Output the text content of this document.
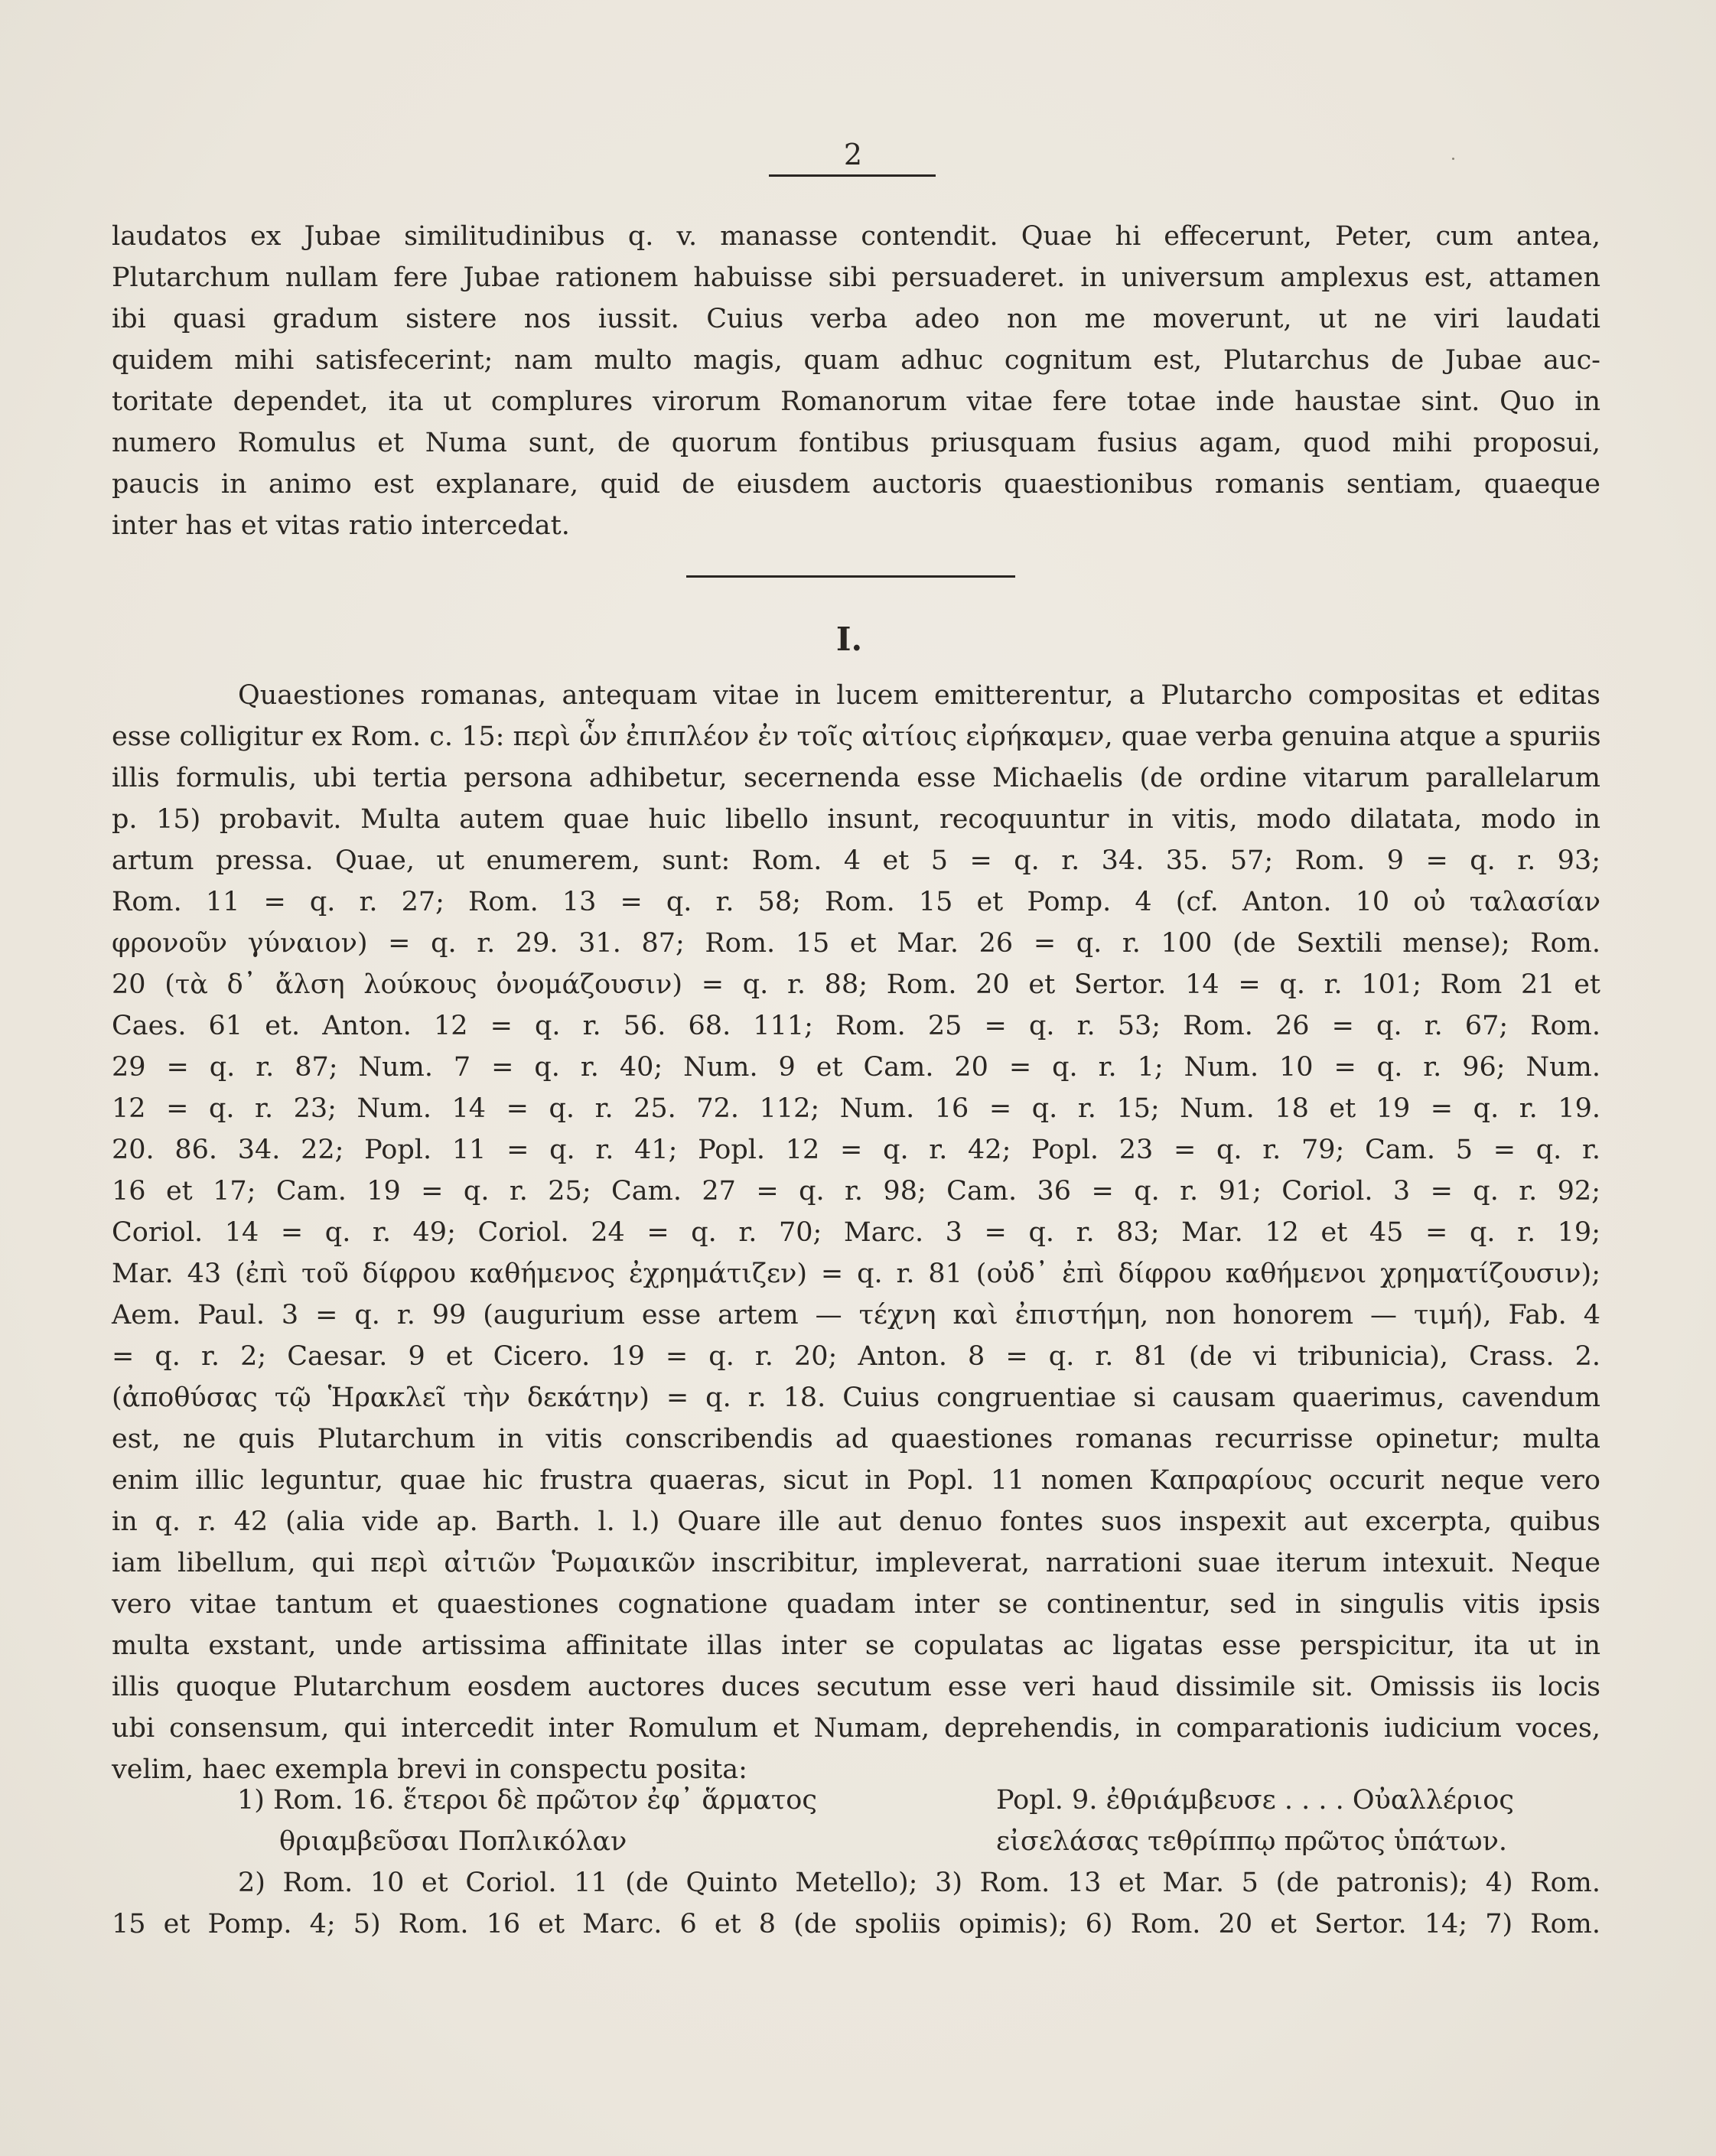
2
laudatos ex Jubae similitudinibus q. v. manasse contendit. Quae hi effecerunt, Peter, cum antea,
Plutarchum nullam fere Jubae rationem habuisse sibi persuaderet. in universum amplexus est, attamen
ibi quasi gradum sistere nos iussit. Cuius verba adeo non me moverunt, ut ne viri laudati
quidem mihi satisfecerint; nam multo magis, quam adhuc cognitum est, Plutarchus de Jubae auc-
toritate dependet, ita ut complures virorum Romanorum vitae fere totae inde haustae sint. Quo in
numero Romulus et Numa sunt, de quorum fontibus priusquam fusius agam, quod mihi proposui,
paucis in animo est explanare, quid de eiusdem auctoris quaestionibus romanis sentiam, quaeque
inter has et vitas ratio intercedat.
I.
Quaestiones romanas, antequam vitae in lucem emitterentur, a Plutarcho compositas et editas
esse colligitur ex Rom. c. 15: περὶ ὧν ἐπιπλέον ἐν τοῖς αἰτίοις εἰρήκαμεν, quae verba genuina atque a spuriis
illis formulis, ubi tertia persona adhibetur, secernenda esse Michaelis (de ordine vitarum parallelarum
p. 15) probavit. Multa autem quae huic libello insunt, recoquuntur in vitis, modo dilatata, modo in
artum pressa. Quae, ut enumerem, sunt: Rom. 4 et 5 = q. r. 34. 35. 57; Rom. 9 = q. r. 93;
Rom. 11 = q. r. 27; Rom. 13 = q. r. 58; Rom. 15 et Pomp. 4 (cf. Anton. 10 οὐ ταλασίαν
φρονοῦν γύναιον) = q. r. 29. 31. 87; Rom. 15 et Mar. 26 = q. r. 100 (de Sextili mense); Rom.
20 (τὰ δ᾽ ἄλση λούκους ὀνομάζουσιν) = q. r. 88; Rom. 20 et Sertor. 14 = q. r. 101; Rom 21 et
Caes. 61 et. Anton. 12 = q. r. 56. 68. 111; Rom. 25 = q. r. 53; Rom. 26 = q. r. 67; Rom.
29 = q. r. 87; Num. 7 = q. r. 40; Num. 9 et Cam. 20 = q. r. 1; Num. 10 = q. r. 96; Num.
12 = q. r. 23; Num. 14 = q. r. 25. 72. 112; Num. 16 = q. r. 15; Num. 18 et 19 = q. r. 19.
20. 86. 34. 22; Popl. 11 = q. r. 41; Popl. 12 = q. r. 42; Popl. 23 = q. r. 79; Cam. 5 = q. r.
16 et 17; Cam. 19 = q. r. 25; Cam. 27 = q. r. 98; Cam. 36 = q. r. 91; Coriol. 3 = q. r. 92;
Coriol. 14 = q. r. 49; Coriol. 24 = q. r. 70; Marc. 3 = q. r. 83; Mar. 12 et 45 = q. r. 19;
Mar. 43 (ἐπὶ τοῦ δίφρου καθήμενος ἐχρημάτιζεν) = q. r. 81 (οὐδ᾽ ἐπὶ δίφρου καθήμενοι χρηματίζουσιν);
Aem. Paul. 3 = q. r. 99 (augurium esse artem — τέχνη καὶ ἐπιστήμη, non honorem — τιμή), Fab. 4
= q. r. 2; Caesar. 9 et Cicero. 19 = q. r. 20; Anton. 8 = q. r. 81 (de vi tribunicia), Crass. 2.
(ἀποθύσας τῷ Ἡρακλεῖ τὴν δεκάτην) = q. r. 18. Cuius congruentiae si causam quaerimus, cavendum
est, ne quis Plutarchum in vitis conscribendis ad quaestiones romanas recurrisse opinetur; multa
enim illic leguntur, quae hic frustra quaeras, sicut in Popl. 11 nomen Καπραρίους occurit neque vero
in q. r. 42 (alia vide ap. Barth. l. l.) Quare ille aut denuo fontes suos inspexit aut excerpta, quibus
iam libellum, qui περὶ αἰτιῶν Ῥωμαικῶν inscribitur, impleverat, narrationi suae iterum intexuit. Neque
vero vitae tantum et quaestiones cognatione quadam inter se continentur, sed in singulis vitis ipsis
multa exstant, unde artissima affinitate illas inter se copulatas ac ligatas esse perspicitur, ita ut in
illis quoque Plutarchum eosdem auctores duces secutum esse veri haud dissimile sit. Omissis iis locis
ubi consensum, qui intercedit inter Romulum et Numam, deprehendis, in comparationis iudicium voces,
velim, haec exempla brevi in conspectu posita:
1) Rom. 16. ἕτεροι δὲ πρῶτον ἐφ᾽ ἅρματος	Popl. 9. ἐθριάμβευσε . . . . Οὐαλλέριος
θριαμβεῦσαι Ποπλικόλαν	εἰσελάσας τεθρίππῳ πρῶτος ὑπάτων.
2) Rom. 10 et Coriol. 11 (de Quinto Metello); 3) Rom. 13 et Mar. 5 (de patronis); 4) Rom.
15 et Pomp. 4; 5) Rom. 16 et Marc. 6 et 8 (de spoliis opimis); 6) Rom. 20 et Sertor. 14; 7) Rom.
